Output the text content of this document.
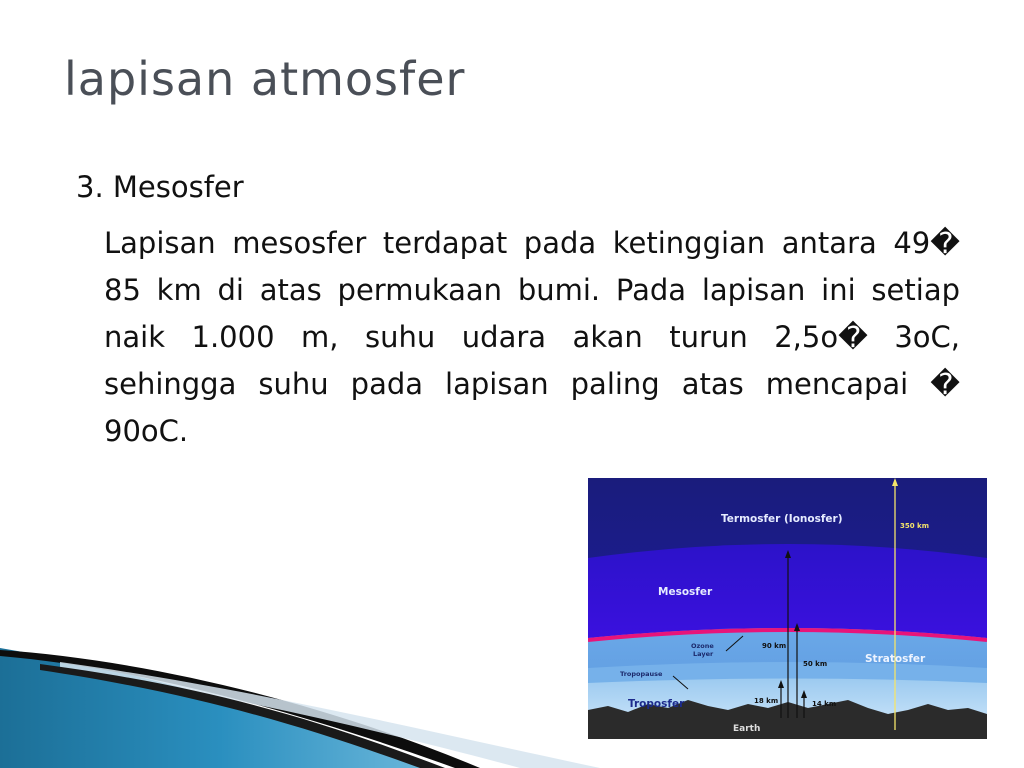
lapisan atmosfer
3. Mesosfer
Lapisan mesosfer terdapat pada ketinggian antara 49� 85 km di atas permukaan bumi. Pada lapisan ini setiap naik 1.000 m, suhu udara akan turun 2,5o� 3oC, sehingga suhu pada lapisan paling atas mencapai � 90oC.
Termosfer (Ionosfer)
350 km
Mesosfer
Stratosfer
Troposfer
Ozone
Layer
Tropopause
90 km
50 km
18 km	14 km
Earth
